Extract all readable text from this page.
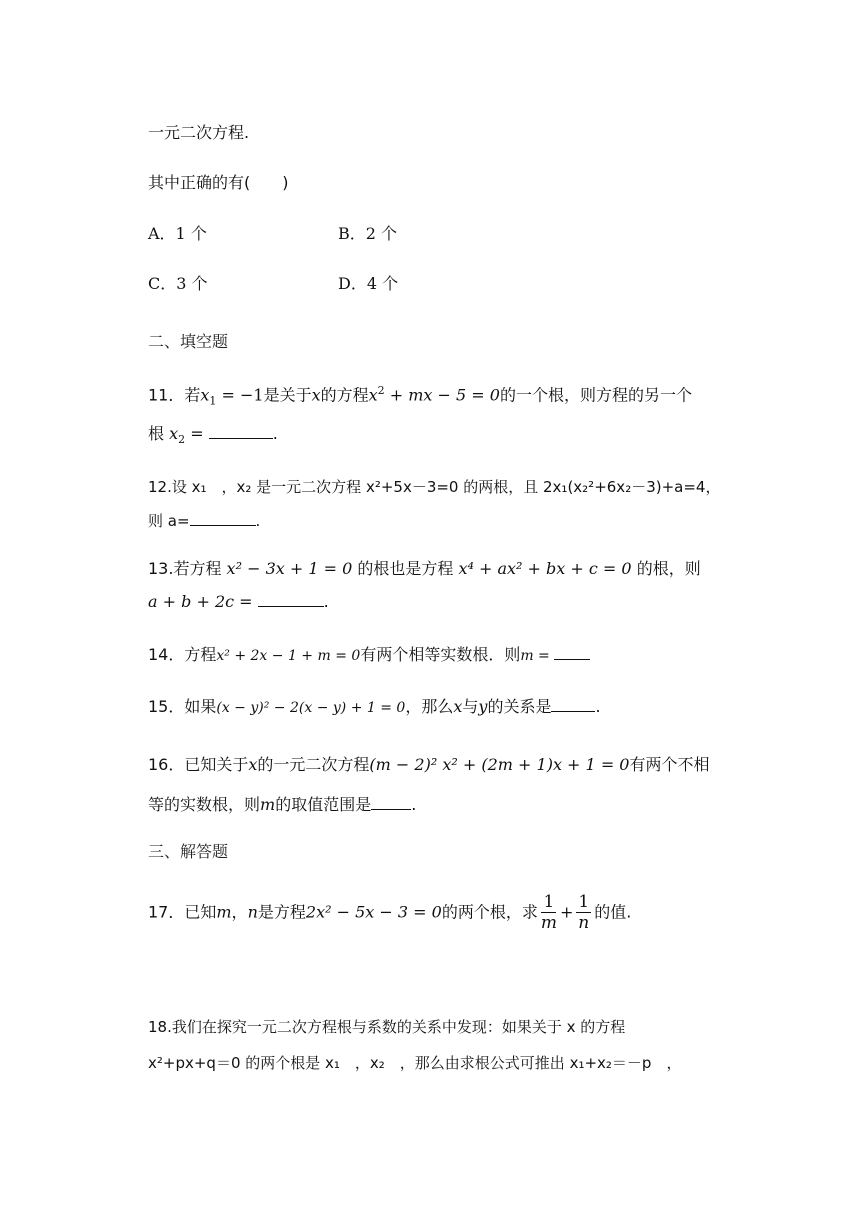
一元二次方程.
其中正确的有(　　)
A．1 个	B．2 个
C．3 个	D．4 个
二、填空题
11．若$x_1 = -1$是关于x的方程$x^2$ + mx − 5 = 0的一个根，则方程的另一个
根 $x_2$ =	.
12.设 x₁　，x₂ 是一元二次方程 x²+5x－3=0 的两根，且 2x₁(x₂²+6x₂－3)+a=4，
则 a=	.
13.若方程 x² − 3x + 1 = 0 的根也是方程 x⁴ + ax² + bx + c = 0 的根，则
a + b + 2c =	.
14．方程x² + 2x − 1 + m = 0有两个相等实数根．则m =
15．如果(x − y)² − 2(x − y) + 1 = 0，那么x与y的关系是	.
16．已知关于x的一元二次方程(m − 2)² x² + (2m + 1)x + 1 = 0有两个不相
等的实数根，则m的取值范围是	.
三、解答题
17．已知m，n是方程2x² − 5x − 3 = 0的两个根，求 $\frac{1}{m} + \frac{1}{n}$ 的值.
18.我们在探究一元二次方程根与系数的关系中发现：如果关于 x 的方程
x²+px+q＝0 的两个根是 x₁　，x₂　，那么由求根公式可推出 x₁+x₂＝－p　，
